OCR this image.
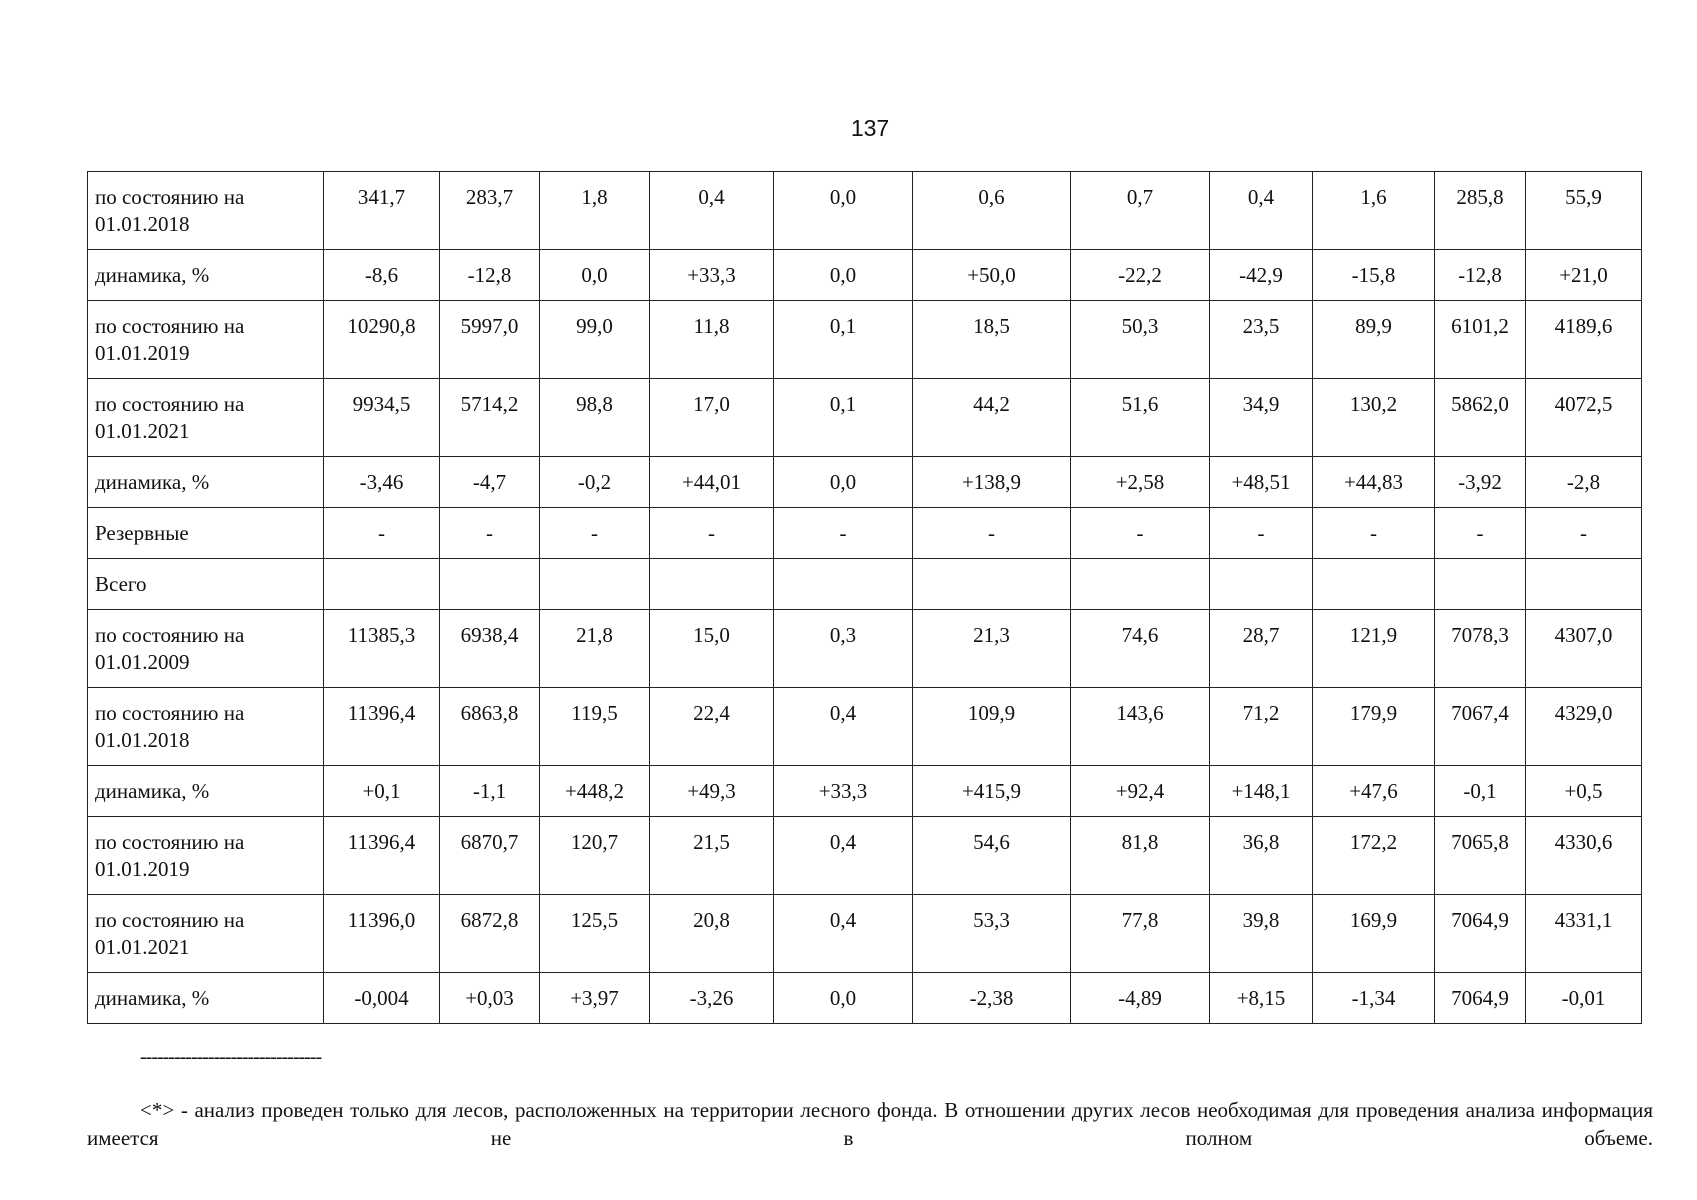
137
по состоянию на 01.01.2018	341,7	283,7	1,8	0,4	0,0	0,6	0,7	0,4	1,6	285,8	55,9
динамика, %	-8,6	-12,8	0,0	+33,3	0,0	+50,0	-22,2	-42,9	-15,8	-12,8	+21,0
по состоянию на 01.01.2019	10290,8	5997,0	99,0	11,8	0,1	18,5	50,3	23,5	89,9	6101,2	4189,6
по состоянию на 01.01.2021	9934,5	5714,2	98,8	17,0	0,1	44,2	51,6	34,9	130,2	5862,0	4072,5
динамика, %	-3,46	-4,7	-0,2	+44,01	0,0	+138,9	+2,58	+48,51	+44,83	-3,92	-2,8
Резервные	-	-	-	-	-	-	-	-	-	-	-
Всего											
по состоянию на 01.01.2009	11385,3	6938,4	21,8	15,0	0,3	21,3	74,6	28,7	121,9	7078,3	4307,0
по состоянию на 01.01.2018	11396,4	6863,8	119,5	22,4	0,4	109,9	143,6	71,2	179,9	7067,4	4329,0
динамика, %	+0,1	-1,1	+448,2	+49,3	+33,3	+415,9	+92,4	+148,1	+47,6	-0,1	+0,5
по состоянию на 01.01.2019	11396,4	6870,7	120,7	21,5	0,4	54,6	81,8	36,8	172,2	7065,8	4330,6
по состоянию на 01.01.2021	11396,0	6872,8	125,5	20,8	0,4	53,3	77,8	39,8	169,9	7064,9	4331,1
динамика, %	-0,004	+0,03	+3,97	-3,26	0,0	-2,38	-4,89	+8,15	-1,34	7064,9	-0,01
--------------------------------
<*> - анализ проведен только для лесов, расположенных на территории лесного фонда. В отношении других лесов необходимая для проведения анализа информация имеется не в полном объеме.
